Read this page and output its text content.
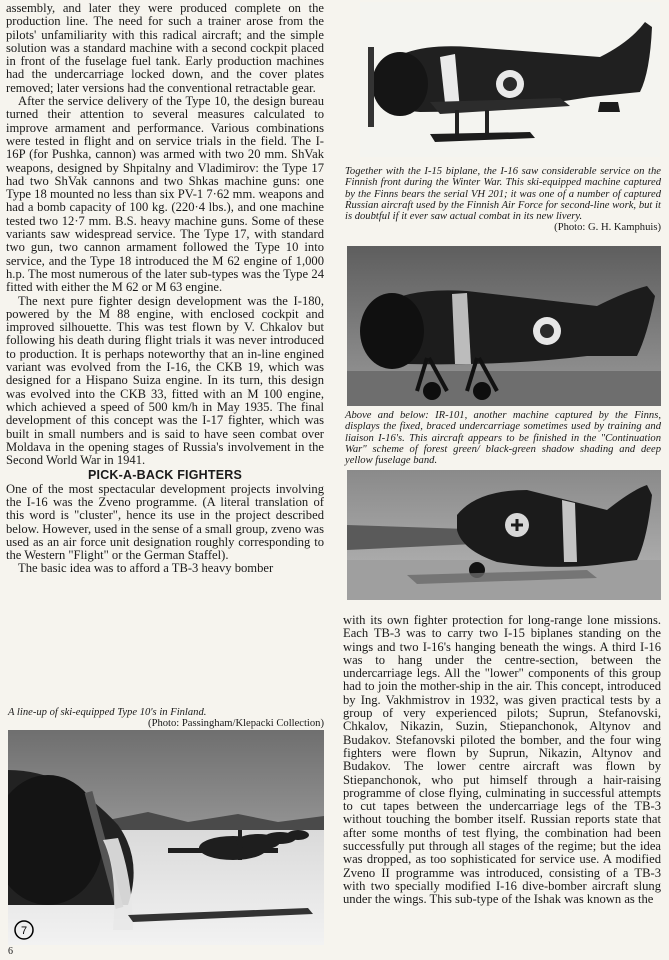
assembly, and later they were produced complete on the production line. The need for such a trainer arose from the pilots' unfamiliarity with this radical aircraft; and the simple solution was a standard machine with a second cockpit placed in front of the fuselage fuel tank. Early production machines had the undercarriage locked down, and the cover plates removed; later versions had the conventional retractable gear.

After the service delivery of the Type 10, the design bureau turned their attention to several measures calculated to improve armament and performance. Various combinations were tested in flight and on service trials in the field. The I-16P (for Pushka, cannon) was armed with two 20 mm. ShVak weapons, designed by Shpitalny and Vladimirov: the Type 17 had two ShVak cannons and two Shkas machine guns: one Type 18 mounted no less than six PV-1 7·62 mm. weapons and had a bomb capacity of 100 kg. (220·4 lbs.), and one machine tested two 12·7 mm. B.S. heavy machine guns. Some of these variants saw widespread service. The Type 17, with standard two gun, two cannon armament followed the Type 10 into service, and the Type 18 introduced the M 62 engine of 1,000 h.p. The most numerous of the later sub-types was the Type 24 fitted with either the M 62 or M 63 engine.

The next pure fighter design development was the I-180, powered by the M 88 engine, with enclosed cockpit and improved silhouette. This was test flown by V. Chkalov but following his death during flight trials it was never introduced to production. It is perhaps noteworthy that an in-line engined variant was evolved from the I-16, the CKB 19, which was designed for a Hispano Suiza engine. In its turn, this design was evolved into the CKB 33, fitted with an M 100 engine, which achieved a speed of 500 km/h in May 1935. The final development of this concept was the I-17 fighter, which was built in small numbers and is said to have seen combat over Moldava in the opening stages of Russia's involvement in the Second World War in 1941.

PICK-A-BACK FIGHTERS

One of the most spectacular development projects involving the I-16 was the Zveno programme. (A literal translation of this word is "cluster", hence its use in the project described below. However, used in the sense of a small group, zveno was used as an air force unit designation roughly corresponding to the Western "Flight" or the German Staffel).

The basic idea was to afford a TB-3 heavy bomber

A line-up of ski-equipped Type 10's in Finland.
(Photo: Passingham/Klepacki Collection)
7
Together with the I-15 biplane, the I-16 saw considerable service on the Finnish front during the Winter War. This ski-equipped machine captured by the Finns bears the serial VH 201; it was one of a number of captured Russian aircraft used by the Finnish Air Force for second-line work, but it is doubtful if it ever saw actual combat in its new livery.
(Photo: G. H. Kamphuis)
Above and below: IR-101, another machine captured by the Finns, displays the fixed, braced undercarriage sometimes used by training and liaison I-16's. This aircraft appears to be finished in the "Continuation War" scheme of forest green/ black-green shadow shading and deep yellow fuselage band.

with its own fighter protection for long-range lone missions. Each TB-3 was to carry two I-15 biplanes standing on the wings and two I-16's hanging beneath the wings. A third I-16 was to hang under the centre-section, between the undercarriage legs. All the "lower" components of this group had to join the mother-ship in the air. This concept, introduced by Ing. Vakhmistrov in 1932, was given practical tests by a group of very experienced pilots; Suprun, Stefanovski, Chkalov, Nikazin, Suzin, Stiepanchonok, Altynov and Budakov. Stefanovski piloted the bomber, and the four wing fighters were flown by Suprun, Nikazin, Altynov and Budakov. The lower centre aircraft was flown by Stiepanchonok, who put himself through a hair-raising programme of close flying, culminating in successful attempts to cut tapes between the undercarriage legs of the TB-3 without touching the bomber itself. Russian reports state that after some months of test flying, the combination had been successfully put through all stages of the regime; but the idea was dropped, as too sophisticated for service use. A modified Zveno II programme was introduced, consisting of a TB-3 with two specially modified I-16 dive-bomber aircraft slung under the wings. This sub-type of the Ishak was known as the

6
